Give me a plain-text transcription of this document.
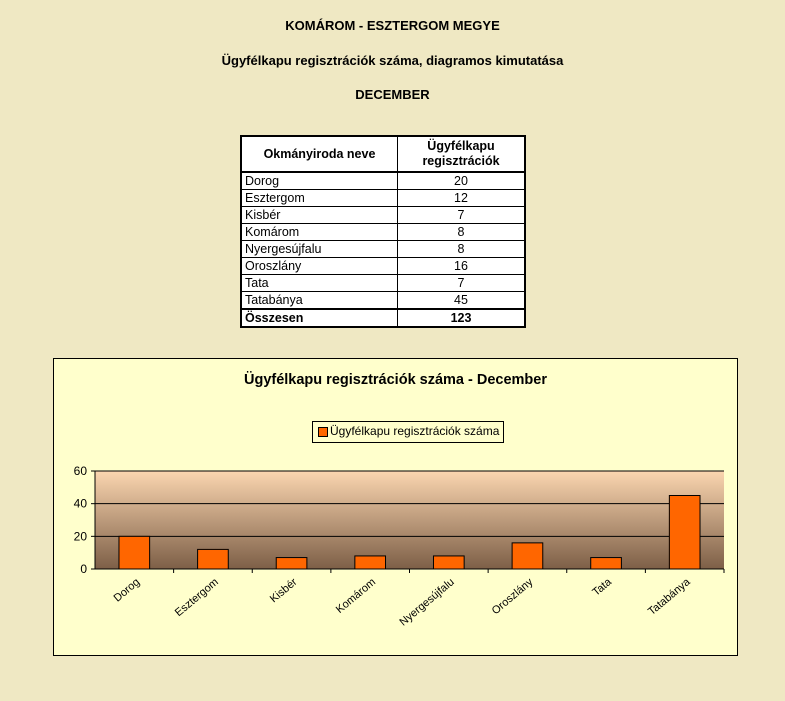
KOMÁROM - ESZTERGOM MEGYE
Ügyfélkapu regisztrációk száma, diagramos kimutatása
DECEMBER
Okmányiroda neve	Ügyfélkapu
regisztrációk
Dorog	20
Esztergom	12
Kisbér	7
Komárom	8
Nyergesújfalu	8
Oroszlány	16
Tata	7
Tatabánya	45
Összesen	123
Ügyfélkapu regisztrációk száma - December
Ügyfélkapu regisztrációk száma
0
20
40
60
Dorog	Esztergom	Kisbér	Komárom Nyergesújfalu	Oroszlány	Tata	Tatabánya
